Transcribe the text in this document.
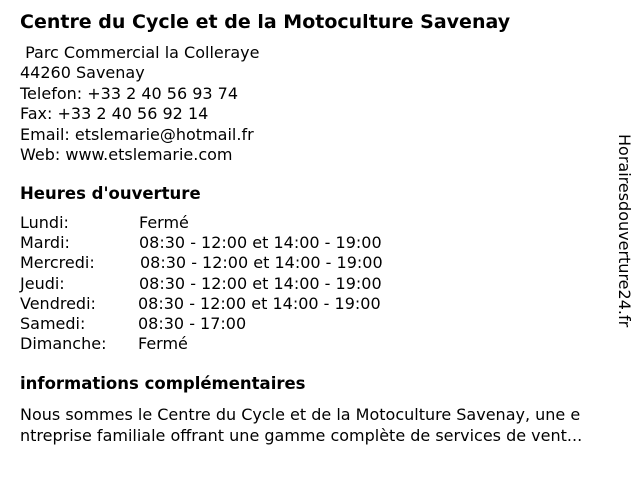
Centre du Cycle et de la Motoculture Savenay
Parc Commercial la Colleraye
44260 Savenay
Telefon: +33 2 40 56 93 74
Fax: +33 2 40 56 92 14
Email: etslemarie@hotmail.fr
Web: www.etslemarie.com
Heures d'ouverture
Lundi:	Fermé
Mardi:	08:30 - 12:00 et 14:00 - 19:00
Mercredi:	08:30 - 12:00 et 14:00 - 19:00
Jeudi:	08:30 - 12:00 et 14:00 - 19:00
Vendredi:	08:30 - 12:00 et 14:00 - 19:00
Samedi:	08:30 - 17:00
Dimanche: Fermé
informations complémentaires
Nous sommes le Centre du Cycle et de la Motoculture Savenay, une e
ntreprise familiale offrant une gamme complète de services de vent...
Horairesdouverture24.fr
